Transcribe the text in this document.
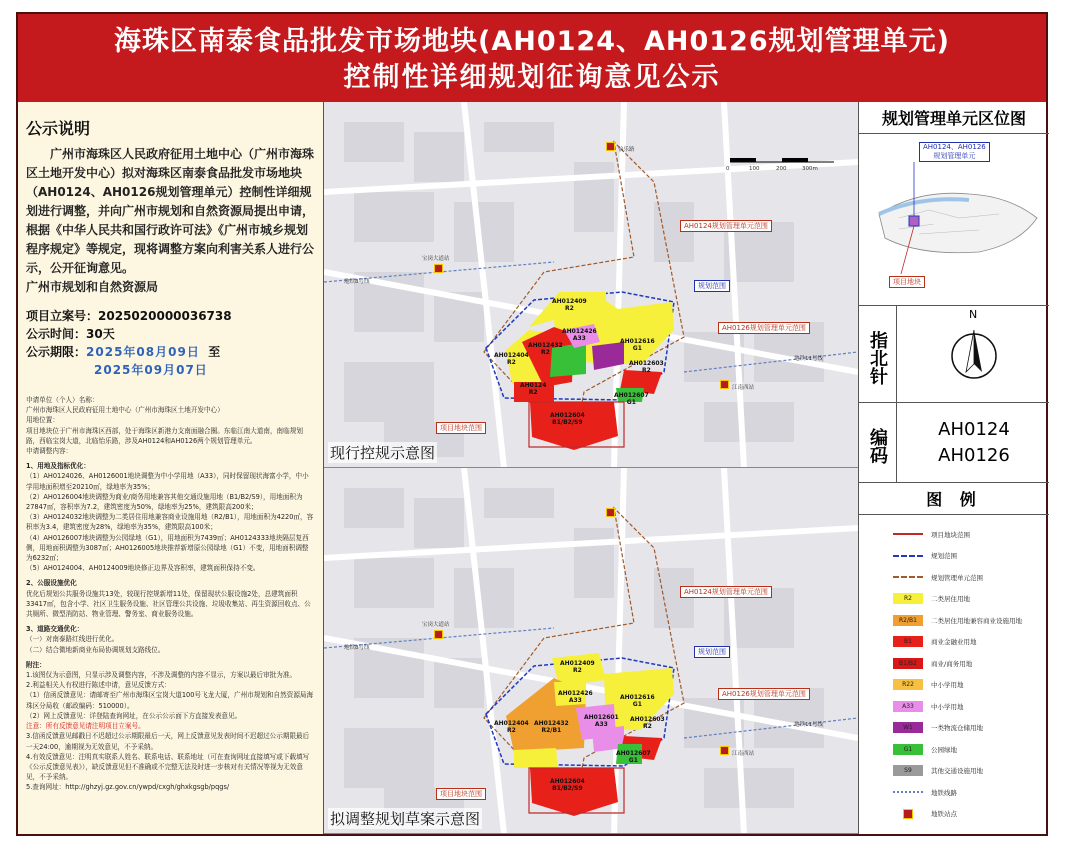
海珠区南泰食品批发市场地块(AH0124、AH0126规划管理单元)
控制性详细规划征询意见公示
公示说明
广州市海珠区人民政府征用土地中心（广州市海珠区土地开发中心）拟对海珠区南泰食品批发市场地块（AH0124、AH0126规划管理单元）控制性详细规划进行调整，并向广州市规划和自然资源局提出申请，根据《中华人民共和国行政许可法》《广州市城乡规划程序规定》等规定，现将调整方案向利害关系人进行公示，公开征询意见。
广州市规划和自然资源局
项目立案号：2025020000036738
公示时间：30天
公示期限：2025年08月09日 至
2025年09月07日
申请单位（个人）名称：
广州市海珠区人民政府征用土地中心（广州市海珠区土地开发中心）
用地位置：
项目地块位于广州市海珠区西部，处于海珠区新港力支南面融合圈。东临江南大道南，南临规划路，西临宝岗大道，北临怡乐路，涉及AH0124和AH0126两个规划管理单元。
申请调整内容：
1、用地及指标优化：
（1）AH0124026、AH0126001地块调整为中小学用地（A33），同时保留现状海富小学，中小学用地面积增至20210㎡，绿地率为35%；
（2）AH0126004地块调整为商业/商务用地兼容其他交通设施用地（B1/B2/S9），用地面积为27847㎡，容积率为7.2，建筑密度为50%，绿地率为25%，建筑限高200米；
（3）AH0124032地块调整为二类居住用地兼容商业设施用地（R2/B1），用地面积为4220㎡，容积率为3.4，建筑密度为28%，绿地率为35%，建筑限高100米；
（4）AH0126007地块调整为公园绿地（G1），用地面积为7439㎡；AH0124333地块隔层复西侧，用地面积调整为3087㎡；AH0126005地块推荐新增原公园绿地（G1）不变，用地面积调整为6232㎡；
（5）AH0124004、AH0124009地块修正边界及容积率，建筑面积保持不变。
2、公服设施优化
优化后规划公共服务设施共13处，较现行控规新增11处，保留现状公服设施2处，总建筑面积33417㎡，包含小学、社区卫生服务设施、社区管理公共设施、垃圾收集站、再生资源回收点、公共厕所、微型消防站、物业管理、警务室、商业服务设施。
3、道路交通优化：
（一）对南泰路红线进行优化。
（二）结合微地新商业布局协调规划支路线位。
附注：
1.该图仅为示意图，只显示涉及调整内容，不涉及调整的内容不显示，方案以最后审批为准。
2.利益相关人有权进行陈述申请，意见反馈方式：
（1）信函反馈意见：请邮寄至广州市海珠区宝岗大道100号飞龙大厦，广州市规划和自然资源局海珠区分局收（邮政编码：510000）。
（2）网上反馈意见：详登陆查询网址，在公示公示面下方直接发表意见。
注意：所有反馈意见请注明项目立案号。
3.信函反馈意见邮戳日不迟超过公示期限最后一天，网上反馈意见发表时间不迟超过公示期限最后一天24:00，逾期视为无效意见，不予采纳。
4.有效反馈意见：注明真实联系人姓名、联系电话、联系地址（可在查询网址直接填写或下载填写《公示反馈意见表》），缺反馈意见但不准确或不完整无法及时进一步核对有关情况等视为无效意见，不予采纳。
5.查询网址：http://ghzyj.gz.gov.cn/ywpd/cxgh/ghxkgsgb/pqgs/
0	100	200	300m
怡乐路
宝岗大道站
地铁8号线
地铁11号线
江南西站
AH0124规划管理单元范围
规划范围
AH0126规划管理单元范围
项目地块范围
AH012409
R2
AH012426
A33	AH012616
G1
AH012603
R2
AH012404
R2
AH012432
R2
AH0124
R2
AH012604
B1/B2/S9
AH012607
G1
现行控规示意图
宝岗大道站
地铁8号线
地铁11号线
江南西站
AH0124规划管理单元范围
规划范围
AH0126规划管理单元范围
项目地块范围
AH012409
R2
AH012426
A33	AH012616
G1
AH012603
R2
AH012404
R2
AH012432
R2/B1
AH012601
A33
AH012604
B1/B2/S9
AH012607
G1
拟调整规划草案示意图
规划管理单元区位图
AH0124、AH0126
规划管理单元
项目地块
指北针
N
编码	AH0124
AH0126
图 例
项目地块范围
规划范围
规划管理单元范围
R2	二类居住用地
R2/B1	二类居住用地兼容商业设施用地
B1	商业金融业用地
B1/B2	商业/商务用地
R22	中小学用地
A33	中小学用地
W1	一类物流仓储用地
G1	公园绿地
S9	其他交通设施用地
地铁线路
地铁站点
